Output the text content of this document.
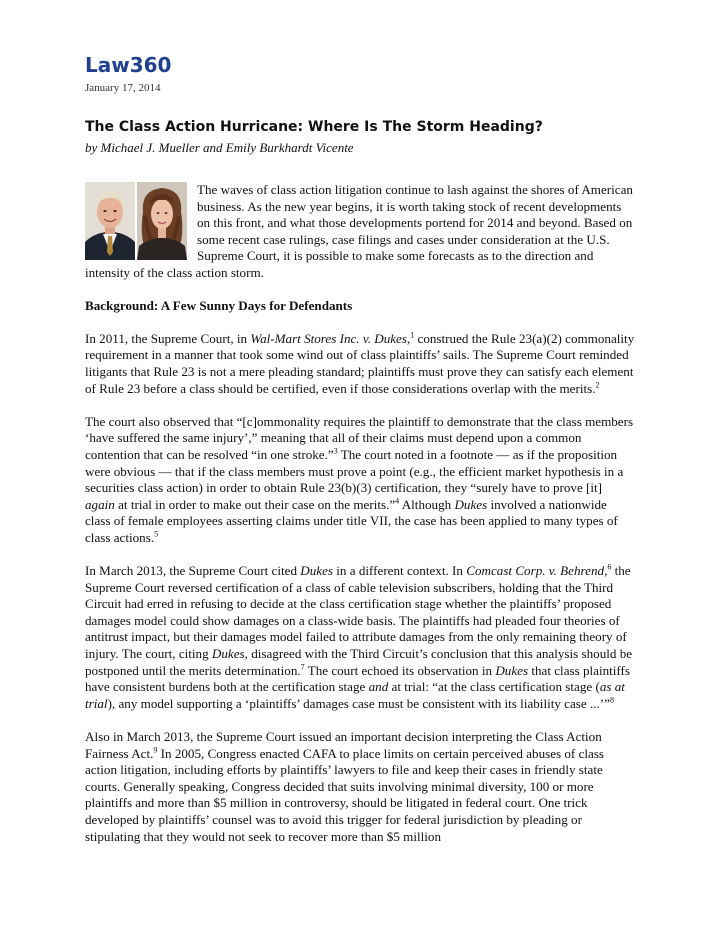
Law360
January 17, 2014
The Class Action Hurricane: Where Is The Storm Heading?
by Michael J. Mueller and Emily Burkhardt Vicente

The waves of class action litigation continue to lash against the shores of American business. As the new year begins, it is worth taking stock of recent developments on this front, and what those developments portend for 2014 and beyond. Based on some recent case rulings, case filings and cases under consideration at the U.S. Supreme Court, it is possible to make some forecasts as to the direction and intensity of the class action storm.

Background: A Few Sunny Days for Defendants

In 2011, the Supreme Court, in Wal-Mart Stores Inc. v. Dukes,$^1$ construed the Rule 23(a)(2) commonality requirement in a manner that took some wind out of class plaintiffs’ sails. The Supreme Court reminded litigants that Rule 23 is not a mere pleading standard; plaintiffs must prove they can satisfy each element of Rule 23 before a class should be certified, even if those considerations overlap with the merits.$^2$

The court also observed that “[c]ommonality requires the plaintiff to demonstrate that the class members ‘have suffered the same injury’,” meaning that all of their claims must depend upon a common contention that can be resolved “in one stroke.”$^3$ The court noted in a footnote — as if the proposition were obvious — that if the class members must prove a point (e.g., the efficient market hypothesis in a securities class action) in order to obtain Rule 23(b)(3) certification, they “surely have to prove [it] again at trial in order to make out their case on the merits.”$^4$ Although Dukes involved a nationwide class of female employees asserting claims under title VII, the case has been applied to many types of class actions.$^5$

In March 2013, the Supreme Court cited Dukes in a different context. In Comcast Corp. v. Behrend,$^6$ the Supreme Court reversed certification of a class of cable television subscribers, holding that the Third Circuit had erred in refusing to decide at the class certification stage whether the plaintiffs’ proposed damages model could show damages on a class-wide basis. The plaintiffs had pleaded four theories of antitrust impact, but their damages model failed to attribute damages from the only remaining theory of injury. The court, citing Dukes, disagreed with the Third Circuit’s conclusion that this analysis should be postponed until the merits determination.$^7$ The court echoed its observation in Dukes that class plaintiffs have consistent burdens both at the certification stage and at trial: “at the class certification stage (as at trial), any model supporting a ‘plaintiffs’ damages case must be consistent with its liability case ...’”$^8$

Also in March 2013, the Supreme Court issued an important decision interpreting the Class Action Fairness Act.$^9$ In 2005, Congress enacted CAFA to place limits on certain perceived abuses of class action litigation, including efforts by plaintiffs’ lawyers to file and keep their cases in friendly state courts. Generally speaking, Congress decided that suits involving minimal diversity, 100 or more plaintiffs and more than $5 million in controversy, should be litigated in federal court. One trick developed by plaintiffs’ counsel was to avoid this trigger for federal jurisdiction by pleading or stipulating that they would not seek to recover more than $5 million
